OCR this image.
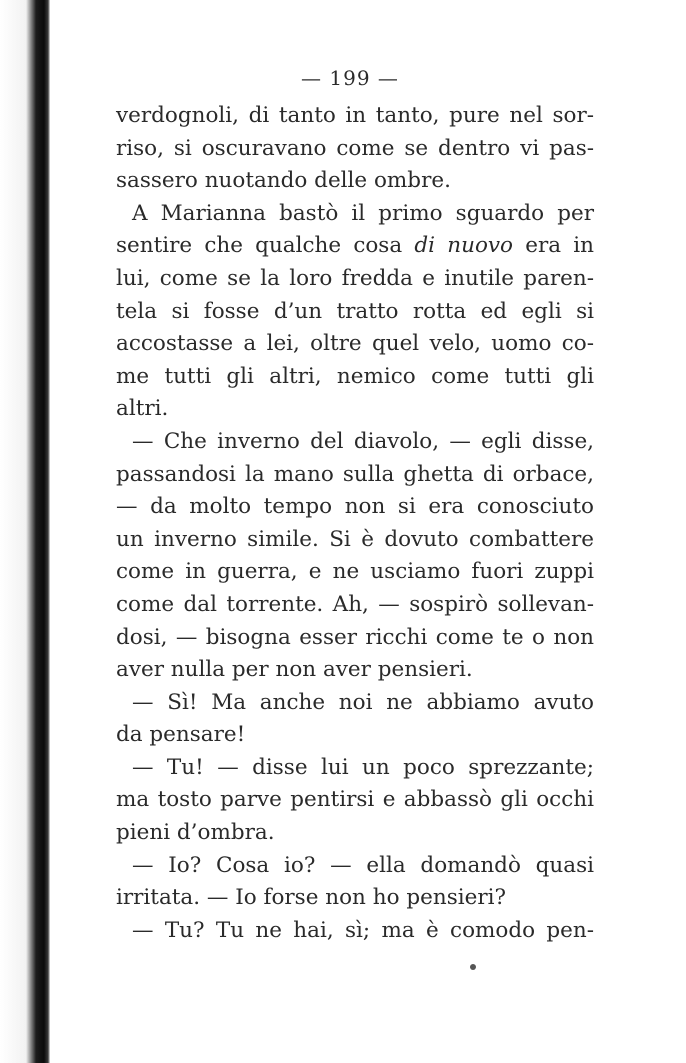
— 199 —
verdognoli, di tanto in tanto, pure nel sor-
riso, si oscuravano come se dentro vi pas-
sassero nuotando delle ombre.
A Marianna bastò il primo sguardo per
sentire che qualche cosa di nuovo era in
lui, come se la loro fredda e inutile paren-
tela si fosse d’un tratto rotta ed egli si
accostasse a lei, oltre quel velo, uomo co-
me tutti gli altri, nemico come tutti gli
altri.
— Che inverno del diavolo, — egli disse,
passandosi la mano sulla ghetta di orbace,
— da molto tempo non si era conosciuto
un inverno simile. Si è dovuto combattere
come in guerra, e ne usciamo fuori zuppi
come dal torrente. Ah, — sospirò sollevan-
dosi, — bisogna esser ricchi come te o non
aver nulla per non aver pensieri.
— Sì! Ma anche noi ne abbiamo avuto
da pensare!
— Tu! — disse lui un poco sprezzante;
ma tosto parve pentirsi e abbassò gli occhi
pieni d’ombra.
— Io? Cosa io? — ella domandò quasi
irritata. — Io forse non ho pensieri?
— Tu? Tu ne hai, sì; ma è comodo pen-
